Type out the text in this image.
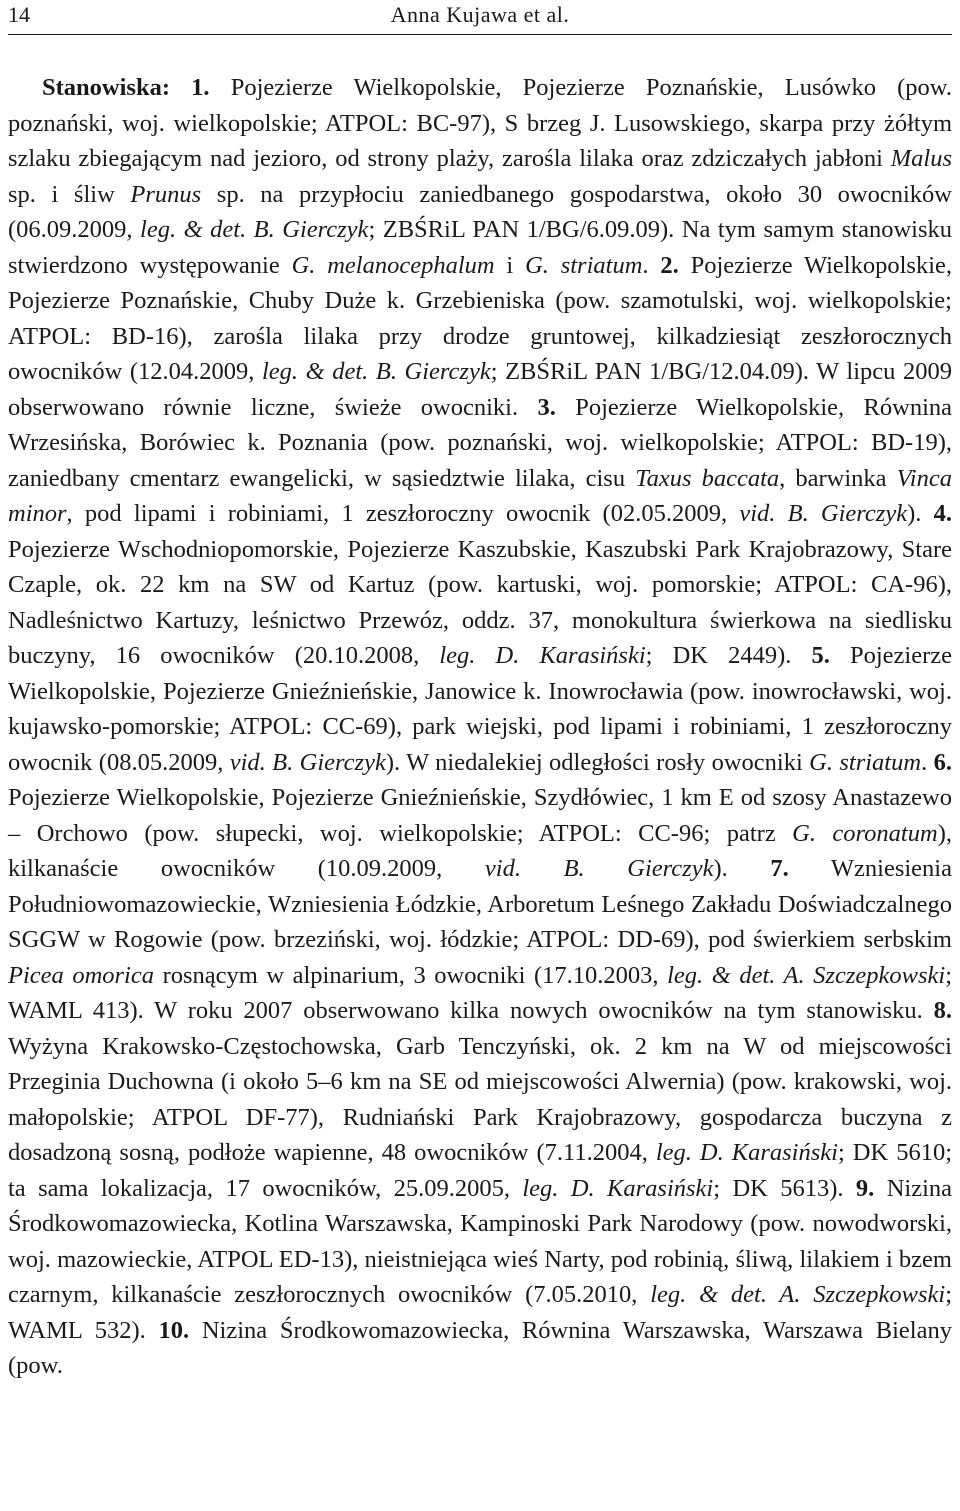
14	Anna Kujawa et al.

Stanowiska: 1. Pojezierze Wielkopolskie, Pojezierze Poznańskie, Lusówko (pow. poznański, woj. wielkopolskie; ATPOL: BC-97), S brzeg J. Lusowskiego, skarpa przy żółtym szlaku zbiegającym nad jezioro, od strony plaży, zarośla lilaka oraz zdziczałych jabłoni Malus sp. i śliw Prunus sp. na przypłociu zaniedbanego gospodarstwa, około 30 owocników (06.09.2009, leg. & det. B. Gierczyk; ZBŚRiL PAN 1/BG/6.09.09). Na tym samym stanowisku stwierdzono występowanie G. melanocephalum i G. striatum. 2. Pojezierze Wielkopolskie, Pojezierze Poznańskie, Chuby Duże k. Grzebieniska (pow. szamotulski, woj. wielkopolskie; ATPOL: BD-16), zarośla lilaka przy drodze gruntowej, kilkadziesiąt zeszłorocznych owocników (12.04.2009, leg. & det. B. Gierczyk; ZBŚRiL PAN 1/BG/12.04.09). W lipcu 2009 obserwowano równie liczne, świeże owocniki. 3. Pojezierze Wielkopolskie, Równina Wrzesińska, Borówiec k. Poznania (pow. poznański, woj. wielkopolskie; ATPOL: BD-19), zaniedbany cmentarz ewangelicki, w sąsiedztwie lilaka, cisu Taxus baccata, barwinka Vinca minor, pod lipami i robiniami, 1 zeszłoroczny owocnik (02.05.2009, vid. B. Gierczyk). 4. Pojezierze Wschodniopomorskie, Pojezierze Kaszubskie, Kaszubski Park Krajobrazowy, Stare Czaple, ok. 22 km na SW od Kartuz (pow. kartuski, woj. pomorskie; ATPOL: CA-96), Nadleśnictwo Kartuzy, leśnictwo Przewóz, oddz. 37, monokultura świerkowa na siedlisku buczyny, 16 owocników (20.10.2008, leg. D. Karasiński; DK 2449). 5. Pojezierze Wielkopolskie, Pojezierze Gnieźnieńskie, Janowice k. Inowrocławia (pow. inowrocławski, woj. kujawsko-pomorskie; ATPOL: CC-69), park wiejski, pod lipami i robiniami, 1 zeszłoroczny owocnik (08.05.2009, vid. B. Gierczyk). W niedalekiej odległości rosły owocniki G. striatum. 6. Pojezierze Wielkopolskie, Pojezierze Gnieźnieńskie, Szydłówiec, 1 km E od szosy Anastazewo – Orchowo (pow. słupecki, woj. wielkopolskie; ATPOL: CC-96; patrz G. coronatum), kilkanaście owocników (10.09.2009, vid. B. Gierczyk). 7. Wzniesienia Południowomazowieckie, Wzniesienia Łódzkie, Arboretum Leśnego Zakładu Doświadczalnego SGGW w Rogowie (pow. brzeziński, woj. łódzkie; ATPOL: DD-69), pod świerkiem serbskim Picea omorica rosnącym w alpinarium, 3 owocniki (17.10.2003, leg. & det. A. Szczepkowski; WAML 413). W roku 2007 obserwowano kilka nowych owocników na tym stanowisku. 8. Wyżyna Krakowsko-Częstochowska, Garb Tenczyński, ok. 2 km na W od miejscowości Przeginia Duchowna (i około 5–6 km na SE od miejscowości Alwernia) (pow. krakowski, woj. małopolskie; ATPOL DF-77), Rudniański Park Krajobrazowy, gospodarcza buczyna z dosadzoną sosną, podłoże wapienne, 48 owocników (7.11.2004, leg. D. Karasiński; DK 5610; ta sama lokalizacja, 17 owocników, 25.09.2005, leg. D. Karasiński; DK 5613). 9. Nizina Środkowomazowiecka, Kotlina Warszawska, Kampinoski Park Narodowy (pow. nowodworski, woj. mazowieckie, ATPOL ED-13), nieistniejąca wieś Narty, pod robinią, śliwą, lilakiem i bzem czarnym, kilkanaście zeszłorocznych owocników (7.05.2010, leg. & det. A. Szczepkowski; WAML 532). 10. Nizina Środkowomazowiecka, Równina Warszawska, Warszawa Bielany (pow.
